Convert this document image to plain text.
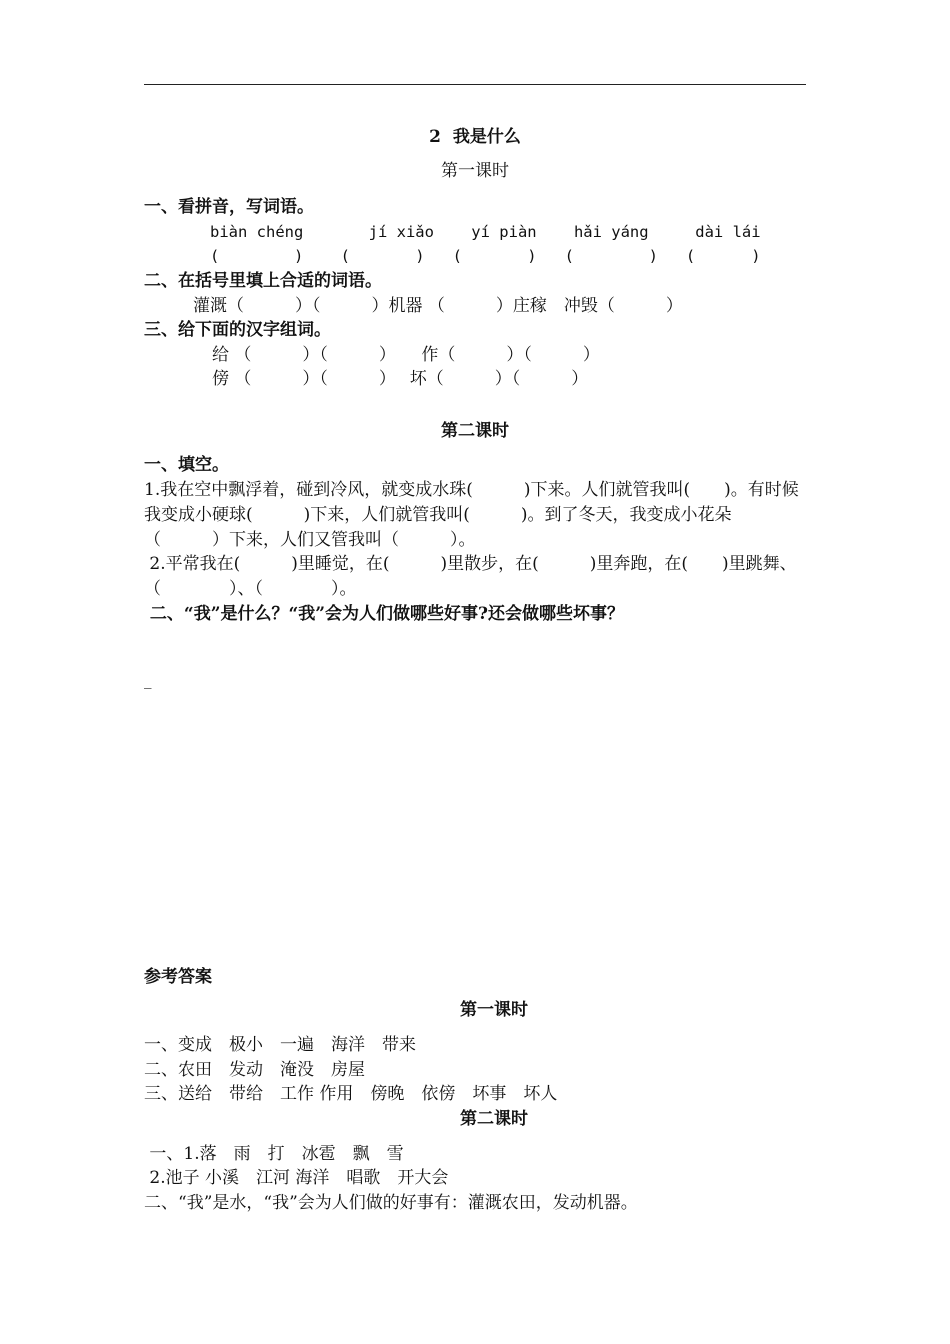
2 我是什么
第一课时
一、看拼音，写词语。
biàn chéng       jí xiǎo    yí piàn    hǎi yáng     dài lái
(        )    (       )   (       )   (        )   (      )
二、在括号里填上合适的词语。
灌溉（　　　）（　　　）机器 （　　　）庄稼　冲毁（　　　）
三、给下面的汉字组词。
给 （　　　）（　　　）　　作（　　　）（　　　）
傍 （　　　）（　　　）　 坏（　　　）（　　　）
第二课时
一、填空。
1.我在空中飘浮着，碰到冷风，就变成水珠(　　　)下来。人们就管我叫(　　)。有时候我变成小硬球(　　　)下来，人们就管我叫(　　　)。到了冬天，我变成小花朵（　　　）下来，人们又管我叫（　　　）。
2.平常我在(　　　)里睡觉，在(　　　)里散步，在(　　　)里奔跑，在(　　)里跳舞、（　　　　）、（　　　　）。
二、“我”是什么？“我”会为人们做哪些好事?还会做哪些坏事？
_
参考答案
第一课时
一、变成　极小　一遍　海洋　带来
二、农田　发动　淹没　房屋
三、送给　带给　工作 作用　傍晚　依傍　坏事　坏人
第二课时
一、1.落　雨　打　冰雹　飘　雪
2.池子 小溪　江河 海洋　唱歌　开大会
二、“我”是水，“我”会为人们做的好事有：灌溉农田，发动机器。
